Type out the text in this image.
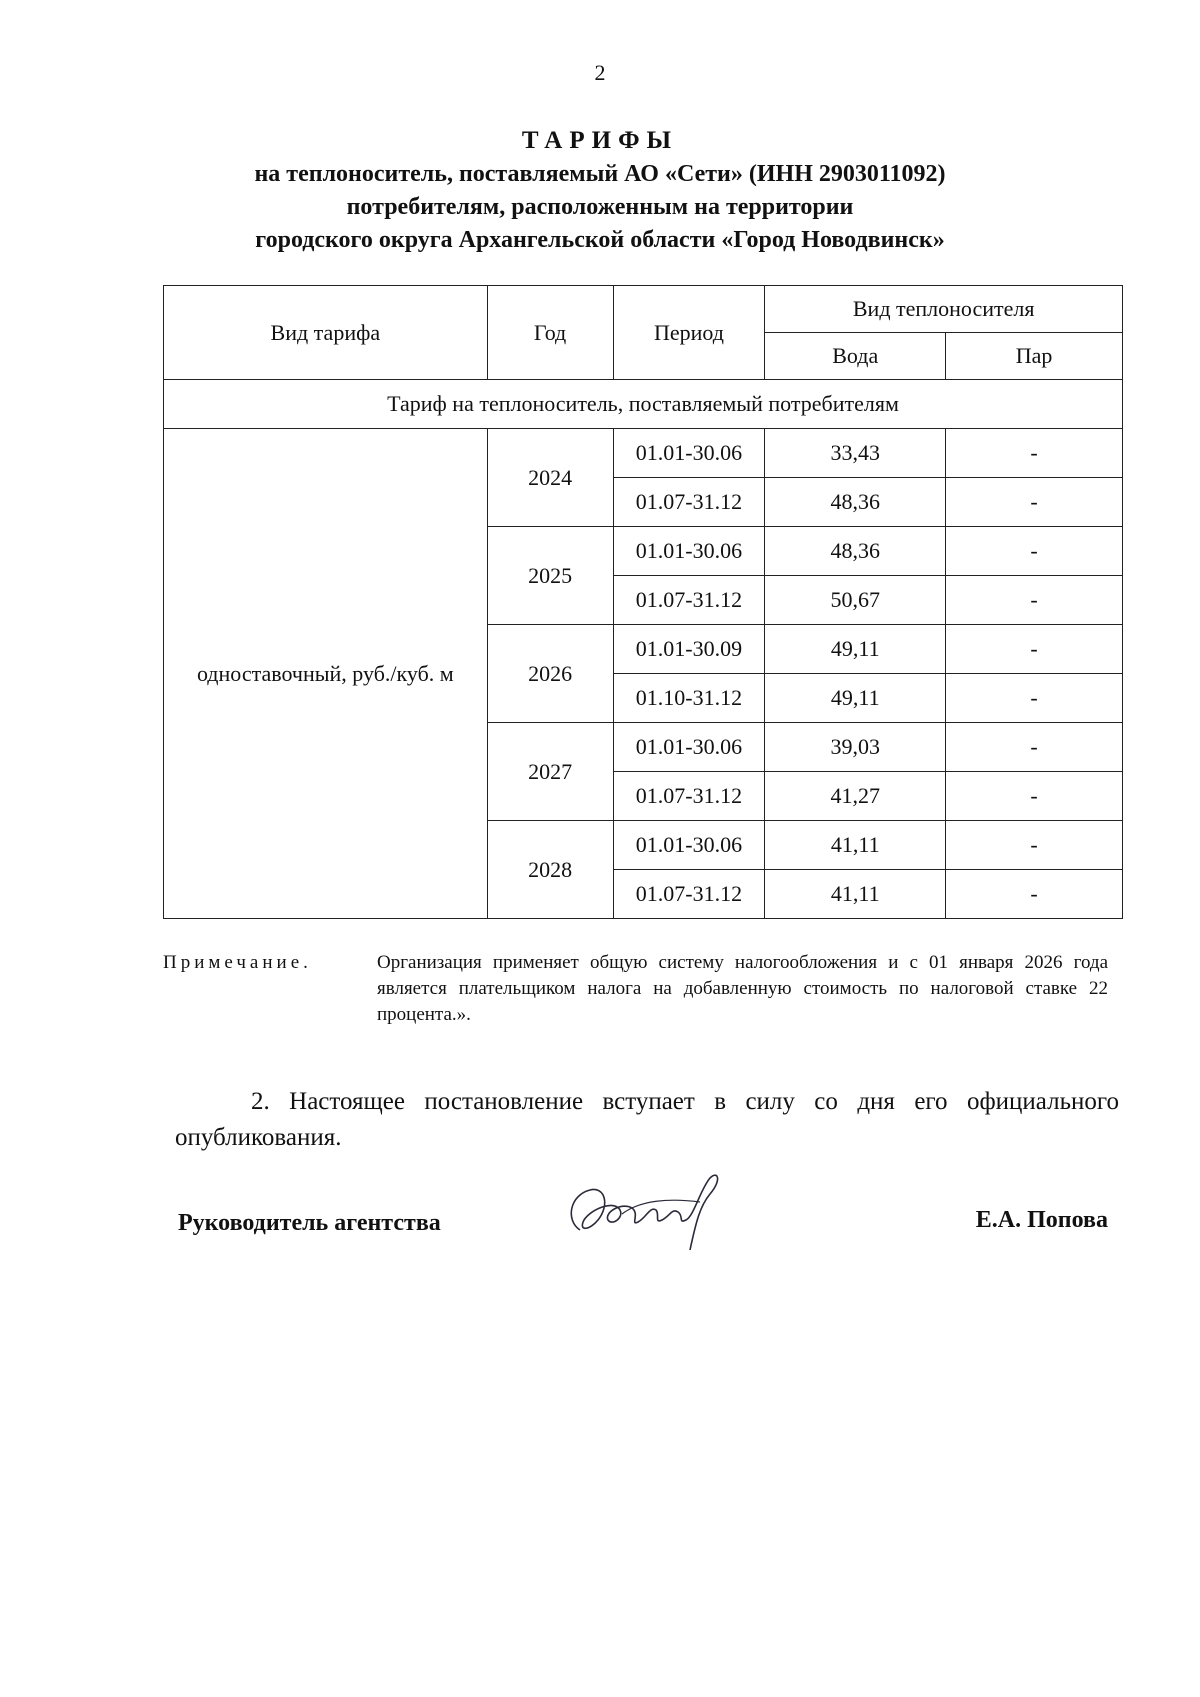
2
ТАРИФЫ
на теплоноситель, поставляемый АО «Сети» (ИНН 2903011092)
потребителям, расположенным на территории
городского округа Архангельской области «Город Новодвинск»
Вид тарифа	Год	Период	Вид теплоносителя	
			Вода	Пар
Тариф на теплоноситель, поставляемый потребителям				
одноставочный, руб./куб. м	2024	01.01-30.06	33,43	-
		01.07-31.12	48,36	-
	2025	01.01-30.06	48,36	-
		01.07-31.12	50,67	-
	2026	01.01-30.09	49,11	-
		01.10-31.12	49,11	-
	2027	01.01-30.06	39,03	-
		01.07-31.12	41,27	-
	2028	01.01-30.06	41,11	-
		01.07-31.12	41,11	-
Примечание.	Организация применяет общую систему налогообложения и с 01 января 2026 года является плательщиком налога на добавленную стоимость по налоговой ставке 22 процента.».
2. Настоящее постановление вступает в силу со дня его официального опубликования.
Руководитель агентства	Е.А. Попова
